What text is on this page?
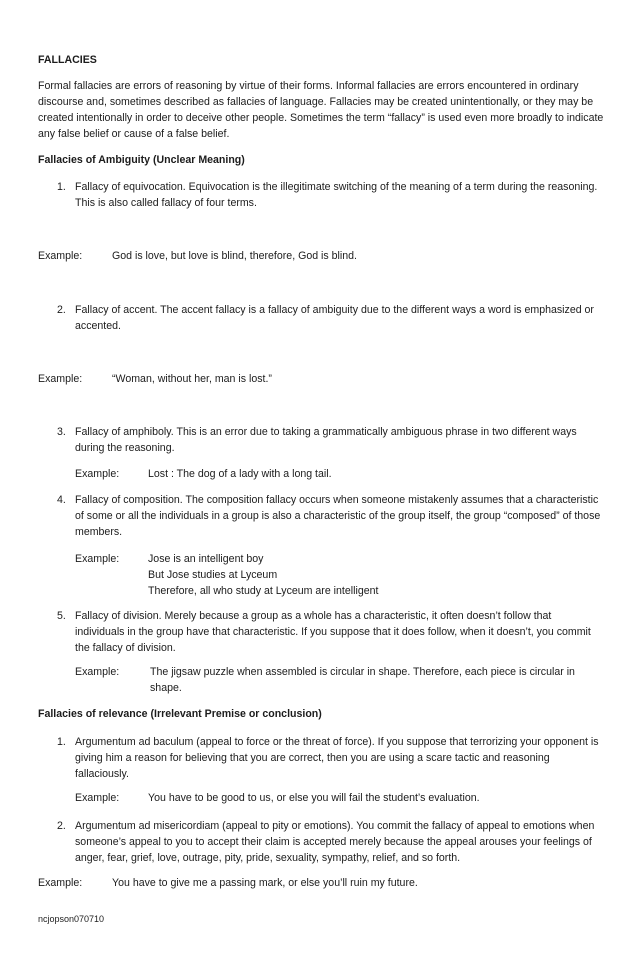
FALLACIES

Formal fallacies are errors of reasoning by virtue of their forms. Informal fallacies are errors encountered in ordinary discourse and, sometimes described as fallacies of language. Fallacies may be created unintentionally, or they may be created intentionally in order to deceive other people. Sometimes the term “fallacy” is used even more broadly to indicate any false belief or cause of a false belief.

Fallacies of Ambiguity (Unclear Meaning)
1. Fallacy of equivocation. Equivocation is the illegitimate switching of the meaning of a term during the reasoning. This is also called fallacy of four terms.

Example:	God is love, but love is blind, therefore, God is blind.
2. Fallacy of accent. The accent fallacy is a fallacy of ambiguity due to the different ways a word is emphasized or accented.

Example:	“Woman, without her, man is lost.”
3. Fallacy of amphiboly. This is an error due to taking a grammatically ambiguous phrase in two different ways during the reasoning.

Example:	Lost : The dog of a lady with a long tail.
4. Fallacy of composition. The composition fallacy occurs when someone mistakenly assumes that a characteristic of some or all the individuals in a group is also a characteristic of the group itself, the group “composed” of those members.

Example:	Jose is an intelligent boy
But Jose studies at Lyceum
Therefore, all who study at Lyceum are intelligent
5. Fallacy of division. Merely because a group as a whole has a characteristic, it often doesn’t follow that individuals in the group have that characteristic. If you suppose that it does follow, when it doesn’t, you commit the fallacy of division.

Example:	The jigsaw puzzle when assembled is circular in shape. Therefore, each piece is circular in
shape.
Fallacies of relevance (Irrelevant Premise or conclusion)
1. Argumentum ad baculum (appeal to force or the threat of force). If you suppose that terrorizing your opponent is giving him a reason for believing that you are correct, then you are using a scare tactic and reasoning fallaciously.

Example:	You have to be good to us, or else you will fail the student’s evaluation.
2. Argumentum ad misericordiam (appeal to pity or emotions). You commit the fallacy of appeal to emotions when someone’s appeal to you to accept their claim is accepted merely because the appeal arouses your feelings of anger, fear, grief, love, outrage, pity, pride, sexuality, sympathy, relief, and so forth.

Example:	You have to give me a passing mark, or else you’ll ruin my future.
ncjopson070710
